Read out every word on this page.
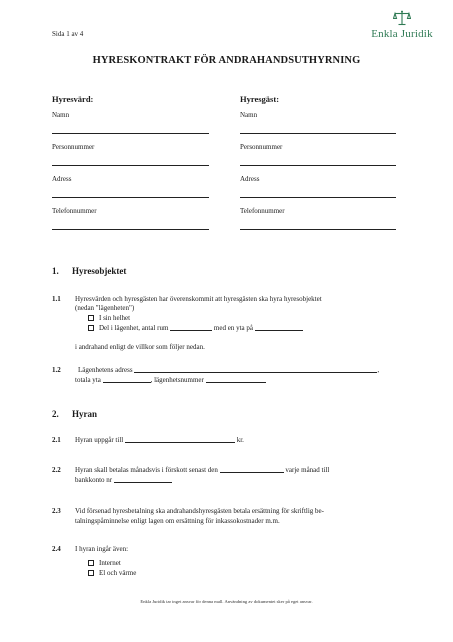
Sida 1 av 4	Enkla Juridik
HYRESKONTRAKT FÖR ANDRAHANDSUTHYRNING
Hyresvärd:
Namn
Personnummer
Adress
Telefonnummer
Hyresgäst:
Namn
Personnummer
Adress
Telefonnummer
1. Hyresobjektet
1.1 Hyresvärden och hyresgästen har överenskommit att hyresgästen ska hyra hyresobjektet
(nedan "lägenheten")
I sin helhet
Del i lägenhet, antal rum	med en yta på
i andrahand enligt de villkor som följer nedan.
1.2 Lägenhetens adress	,
totala yta	, lägenhetsnummer
2. Hyran
2.1 Hyran uppgår till	kr.
2.2 Hyran skall betalas månadsvis i förskott senast den	varje månad till
bankkonto nr
2.3 Vid försenad hyresbetalning ska andrahandshyresgästen betala ersättning för skriftlig be-
talningspåminnelse enligt lagen om ersättning för inkassokostnader m.m.
2.4 I hyran ingår även:
Internet
El och värme
Enkla Juridik tar inget ansvar för denna mall. Användning av dokumentet sker på eget ansvar.
